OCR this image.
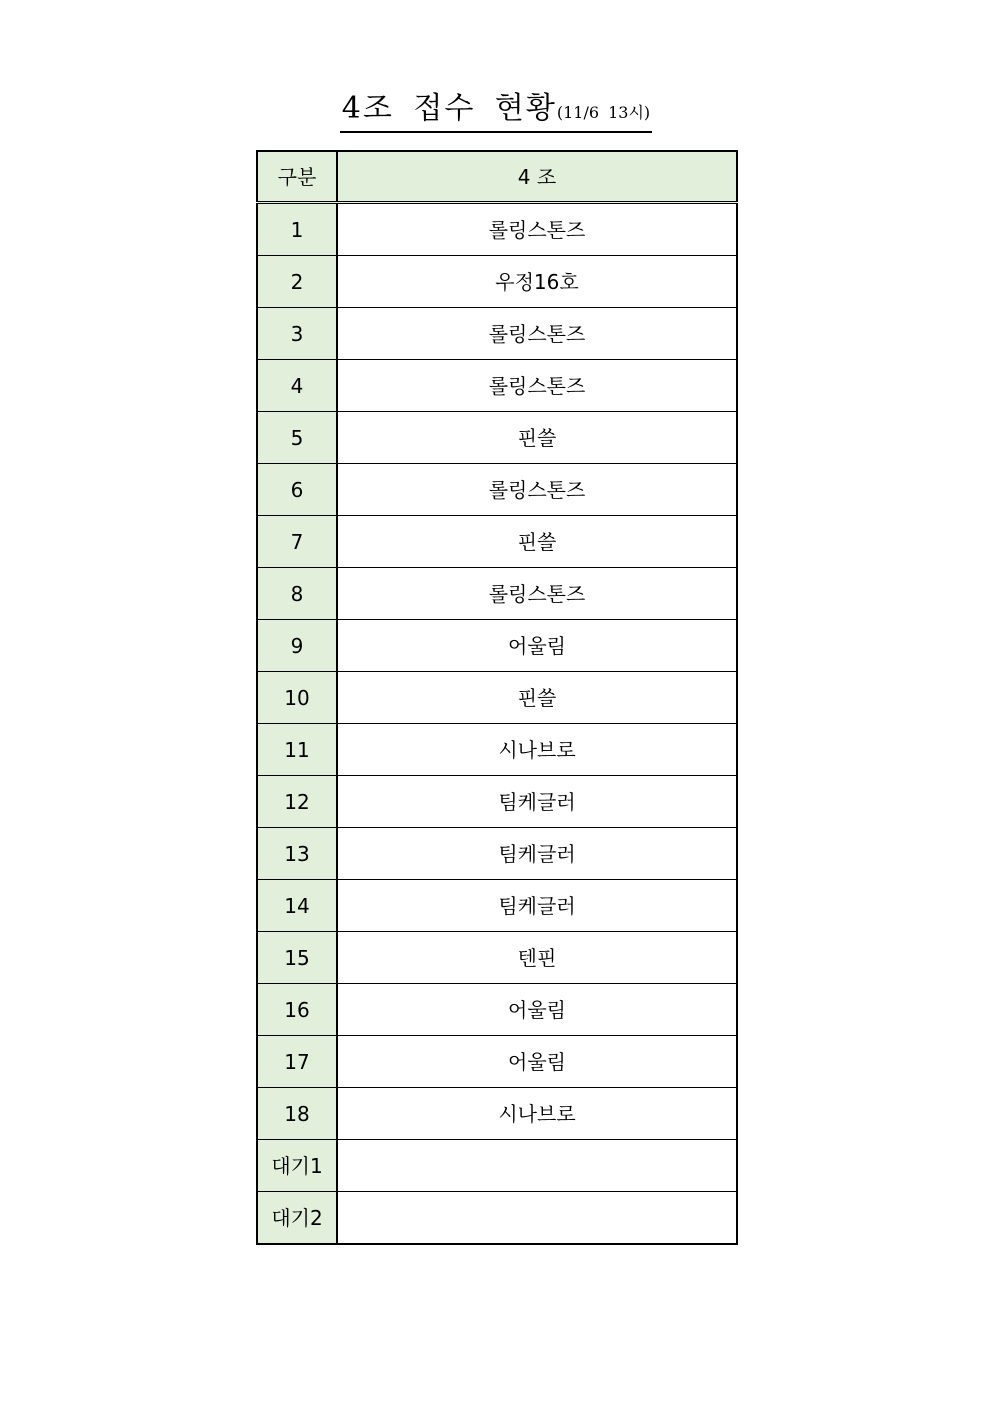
4조 접수 현황(11/6 13시)
구분	4 조
1	롤링스톤즈
2	우정16호
3	롤링스톤즈
4	롤링스톤즈
5	핀쓸
6	롤링스톤즈
7	핀쓸
8	롤링스톤즈
9	어울림
10	핀쓸
11	시나브로
12	팀케글러
13	팀케글러
14	팀케글러
15	텐핀
16	어울림
17	어울림
18	시나브로
대기1	
대기2	
